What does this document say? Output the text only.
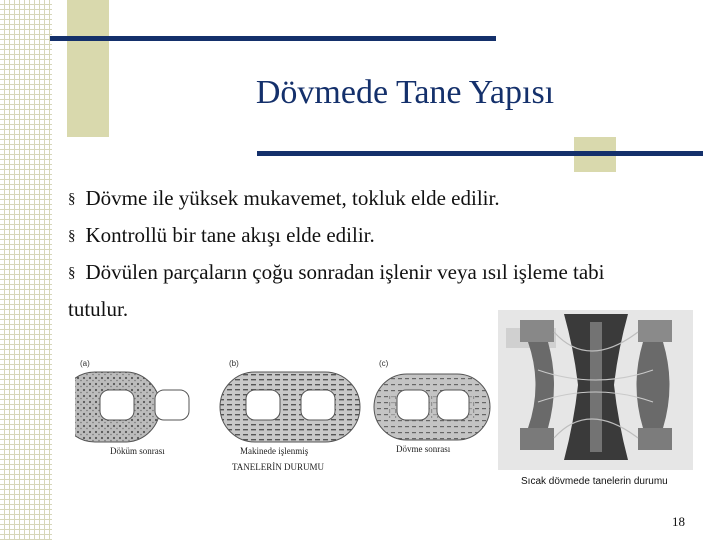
Dövmede Tane Yapısı
§ Dövme ile yüksek mukavemet, tokluk elde edilir.
§ Kontrollü bir tane akışı elde edilir.
§ Dövülen parçaların çoğu sonradan işlenir veya ısıl işleme tabi tutulur.
(a)	(b)	(c)
Döküm sonrası	Makinede işlenmiş
TANELERİN DURUMU
Dövme sonrası
Sıcak dövmede tanelerin durumu
18
